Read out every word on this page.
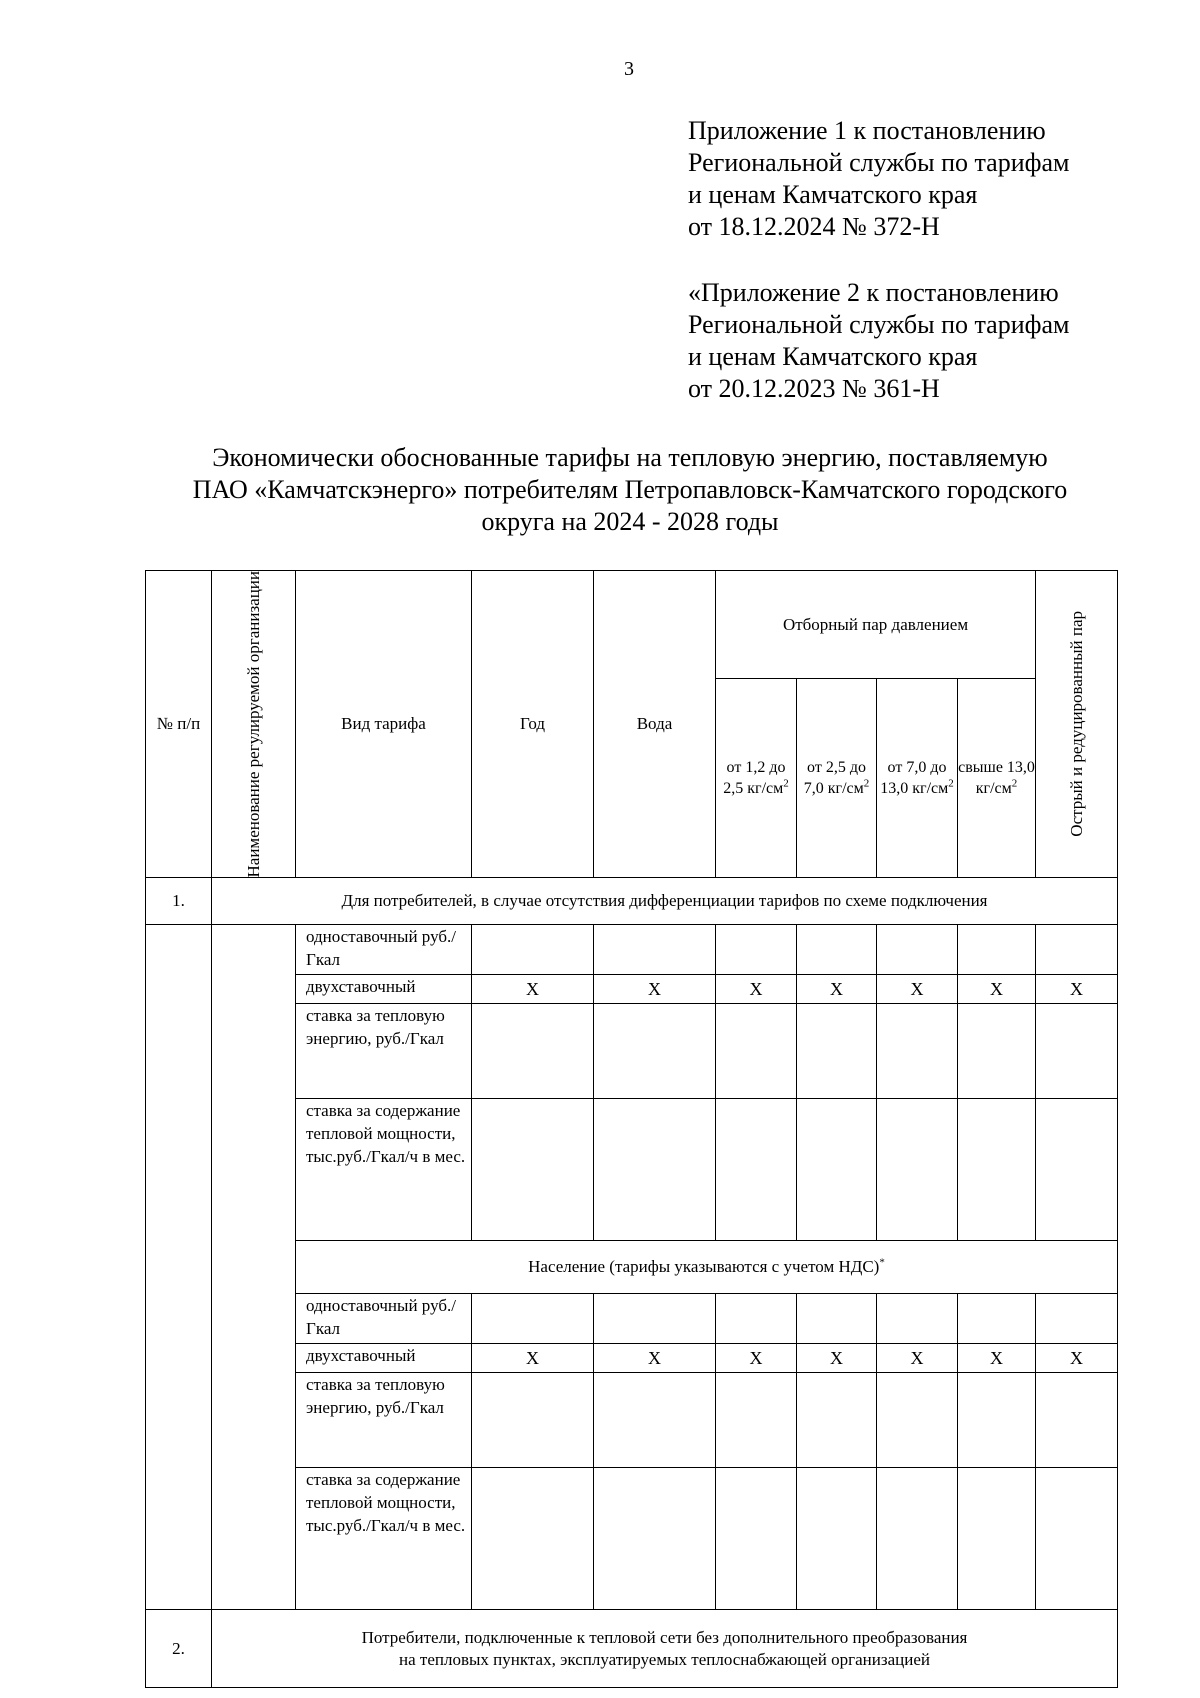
3
Приложение 1 к постановлению
Региональной службы по тарифам
и ценам Камчатского края
от 18.12.2024 № 372-Н
«Приложение 2 к постановлению
Региональной службы по тарифам
и ценам Камчатского края
от 20.12.2023 № 361-Н
Экономически обоснованные тарифы на тепловую энергию, поставляемую
ПАО «Камчатскэнерго» потребителям Петропавловск-Камчатского городского
округа на 2024 - 2028 годы
№ п/п	Наименование регулируемой организации	Вид тарифа	Год	Вода	Отборный пар давлением				Острый и редуцированный пар

					от 1,2 до 2,5 $кг/см^2$	от 2,5 до 7,0 $кг/см^2$	от 7,0 до 13,0 $кг/см^2$	свыше 13,0 $кг/см^2$
1.	Для потребителей, в случае отсутствия дифференциации тарифов по схеме подключения								
		одноставочный руб./Гкал							
		двухставочный	Х	Х	Х	Х	Х	Х	Х
		ставка за тепловую энергию, руб./Гкал							
		ставка за содержание тепловой мощности, тыс.руб./Гкал/ч в мес.							
		Население (тарифы указываются с учетом НДС)*
		одноставочный руб./Гкал							
		двухставочный	Х	Х	Х	Х	Х	Х	Х
		ставка за тепловую энергию, руб./Гкал							
		ставка за содержание тепловой мощности, тыс.руб./Гкал/ч в мес.							
2.	Потребители, подключенные к тепловой сети без дополнительного преобразования
на тепловых пунктах, эксплуатируемых теплоснабжающей организацией								
